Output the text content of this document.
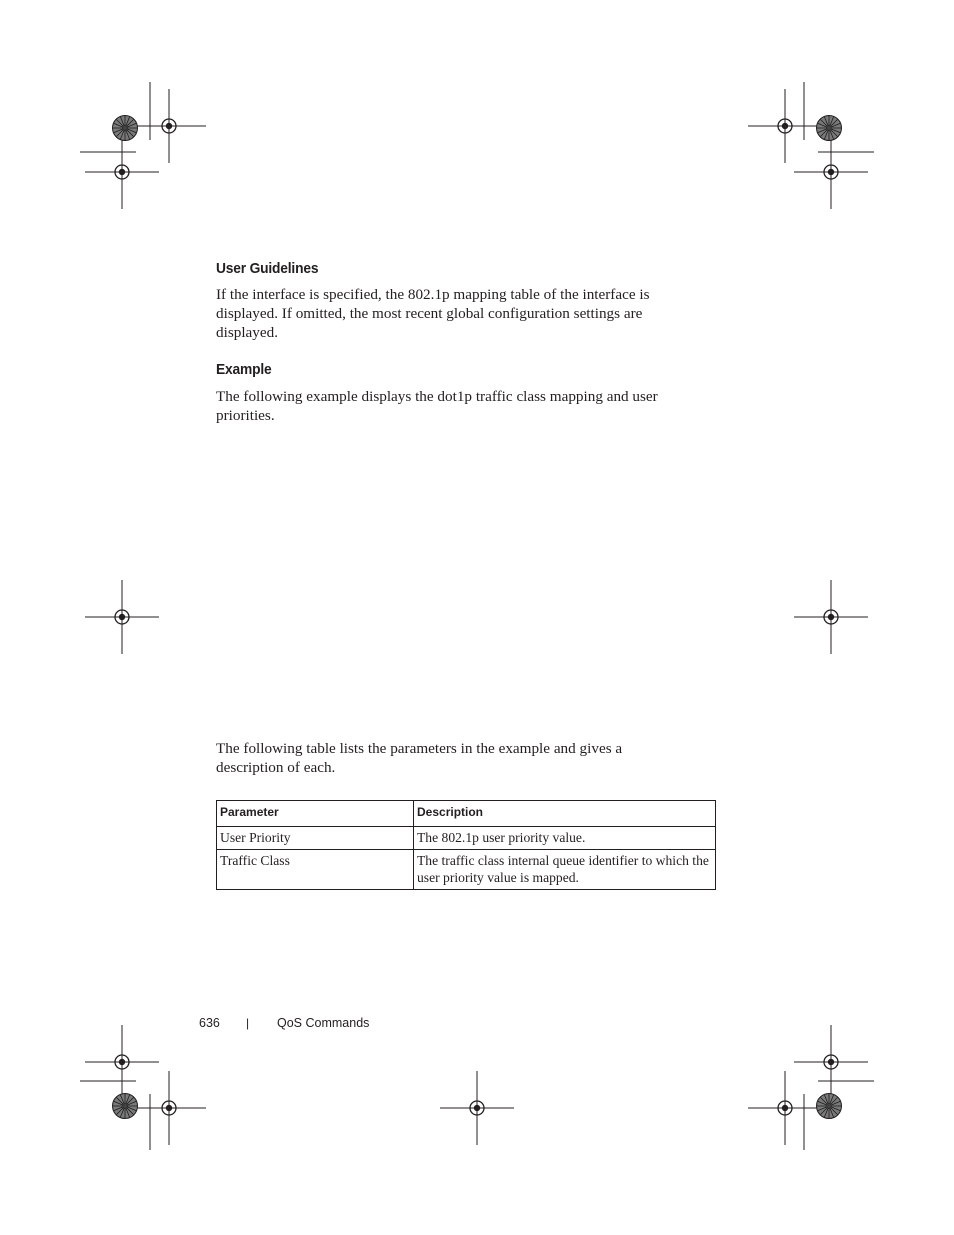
User Guidelines
If the interface is specified, the 802.1p mapping table of the interface is displayed. If omitted, the most recent global configuration settings are displayed.
Example
The following example displays the dot1p traffic class mapping and user priorities.
The following table lists the parameters in the example and gives a description of each.
Parameter	Description
User Priority	The 802.1p user priority value.
Traffic Class	The traffic class internal queue identifier to which the user priority value is mapped.
636 | QoS Commands
